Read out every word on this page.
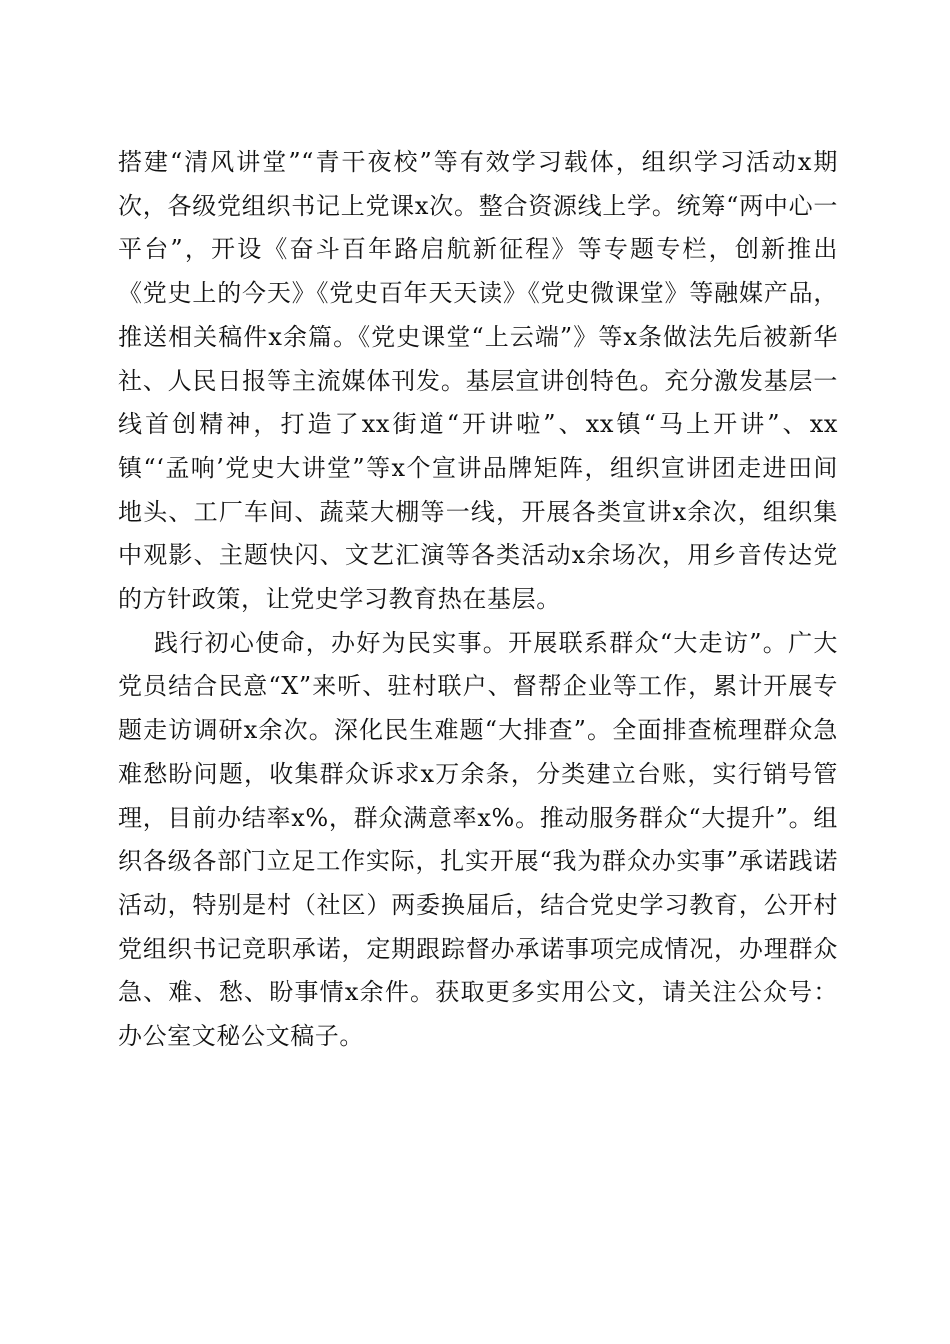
搭建“清风讲堂”“青干夜校”等有效学习载体，组织学习活动x期次，各级党组织书记上党课x次。整合资源线上学。统筹“两中心一平台”，开设《奋斗百年路启航新征程》等专题专栏，创新推出《党史上的今天》《党史百年天天读》《党史微课堂》等融媒产品，推送相关稿件x余篇。《党史课堂“上云端”》等x条做法先后被新华社、人民日报等主流媒体刊发。基层宣讲创特色。充分激发基层一线首创精神，打造了xx街道“开讲啦”、xx镇“马上开讲”、xx镇“‘孟响’党史大讲堂”等x个宣讲品牌矩阵，组织宣讲团走进田间地头、工厂车间、蔬菜大棚等一线，开展各类宣讲x余次，组织集中观影、主题快闪、文艺汇演等各类活动x余场次，用乡音传达党的方针政策，让党史学习教育热在基层。

践行初心使命，办好为民实事。开展联系群众“大走访”。广大党员结合民意“X”来听、驻村联户、督帮企业等工作，累计开展专题走访调研x余次。深化民生难题“大排查”。全面排查梳理群众急难愁盼问题，收集群众诉求x万余条，分类建立台账，实行销号管理，目前办结率x%，群众满意率x%。推动服务群众“大提升”。组织各级各部门立足工作实际，扎实开展“我为群众办实事”承诺践诺活动，特别是村（社区）两委换届后，结合党史学习教育，公开村党组织书记竞职承诺，定期跟踪督办承诺事项完成情况，办理群众急、难、愁、盼事情x余件。获取更多实用公文，请关注公众号：办公室文秘公文稿子。
